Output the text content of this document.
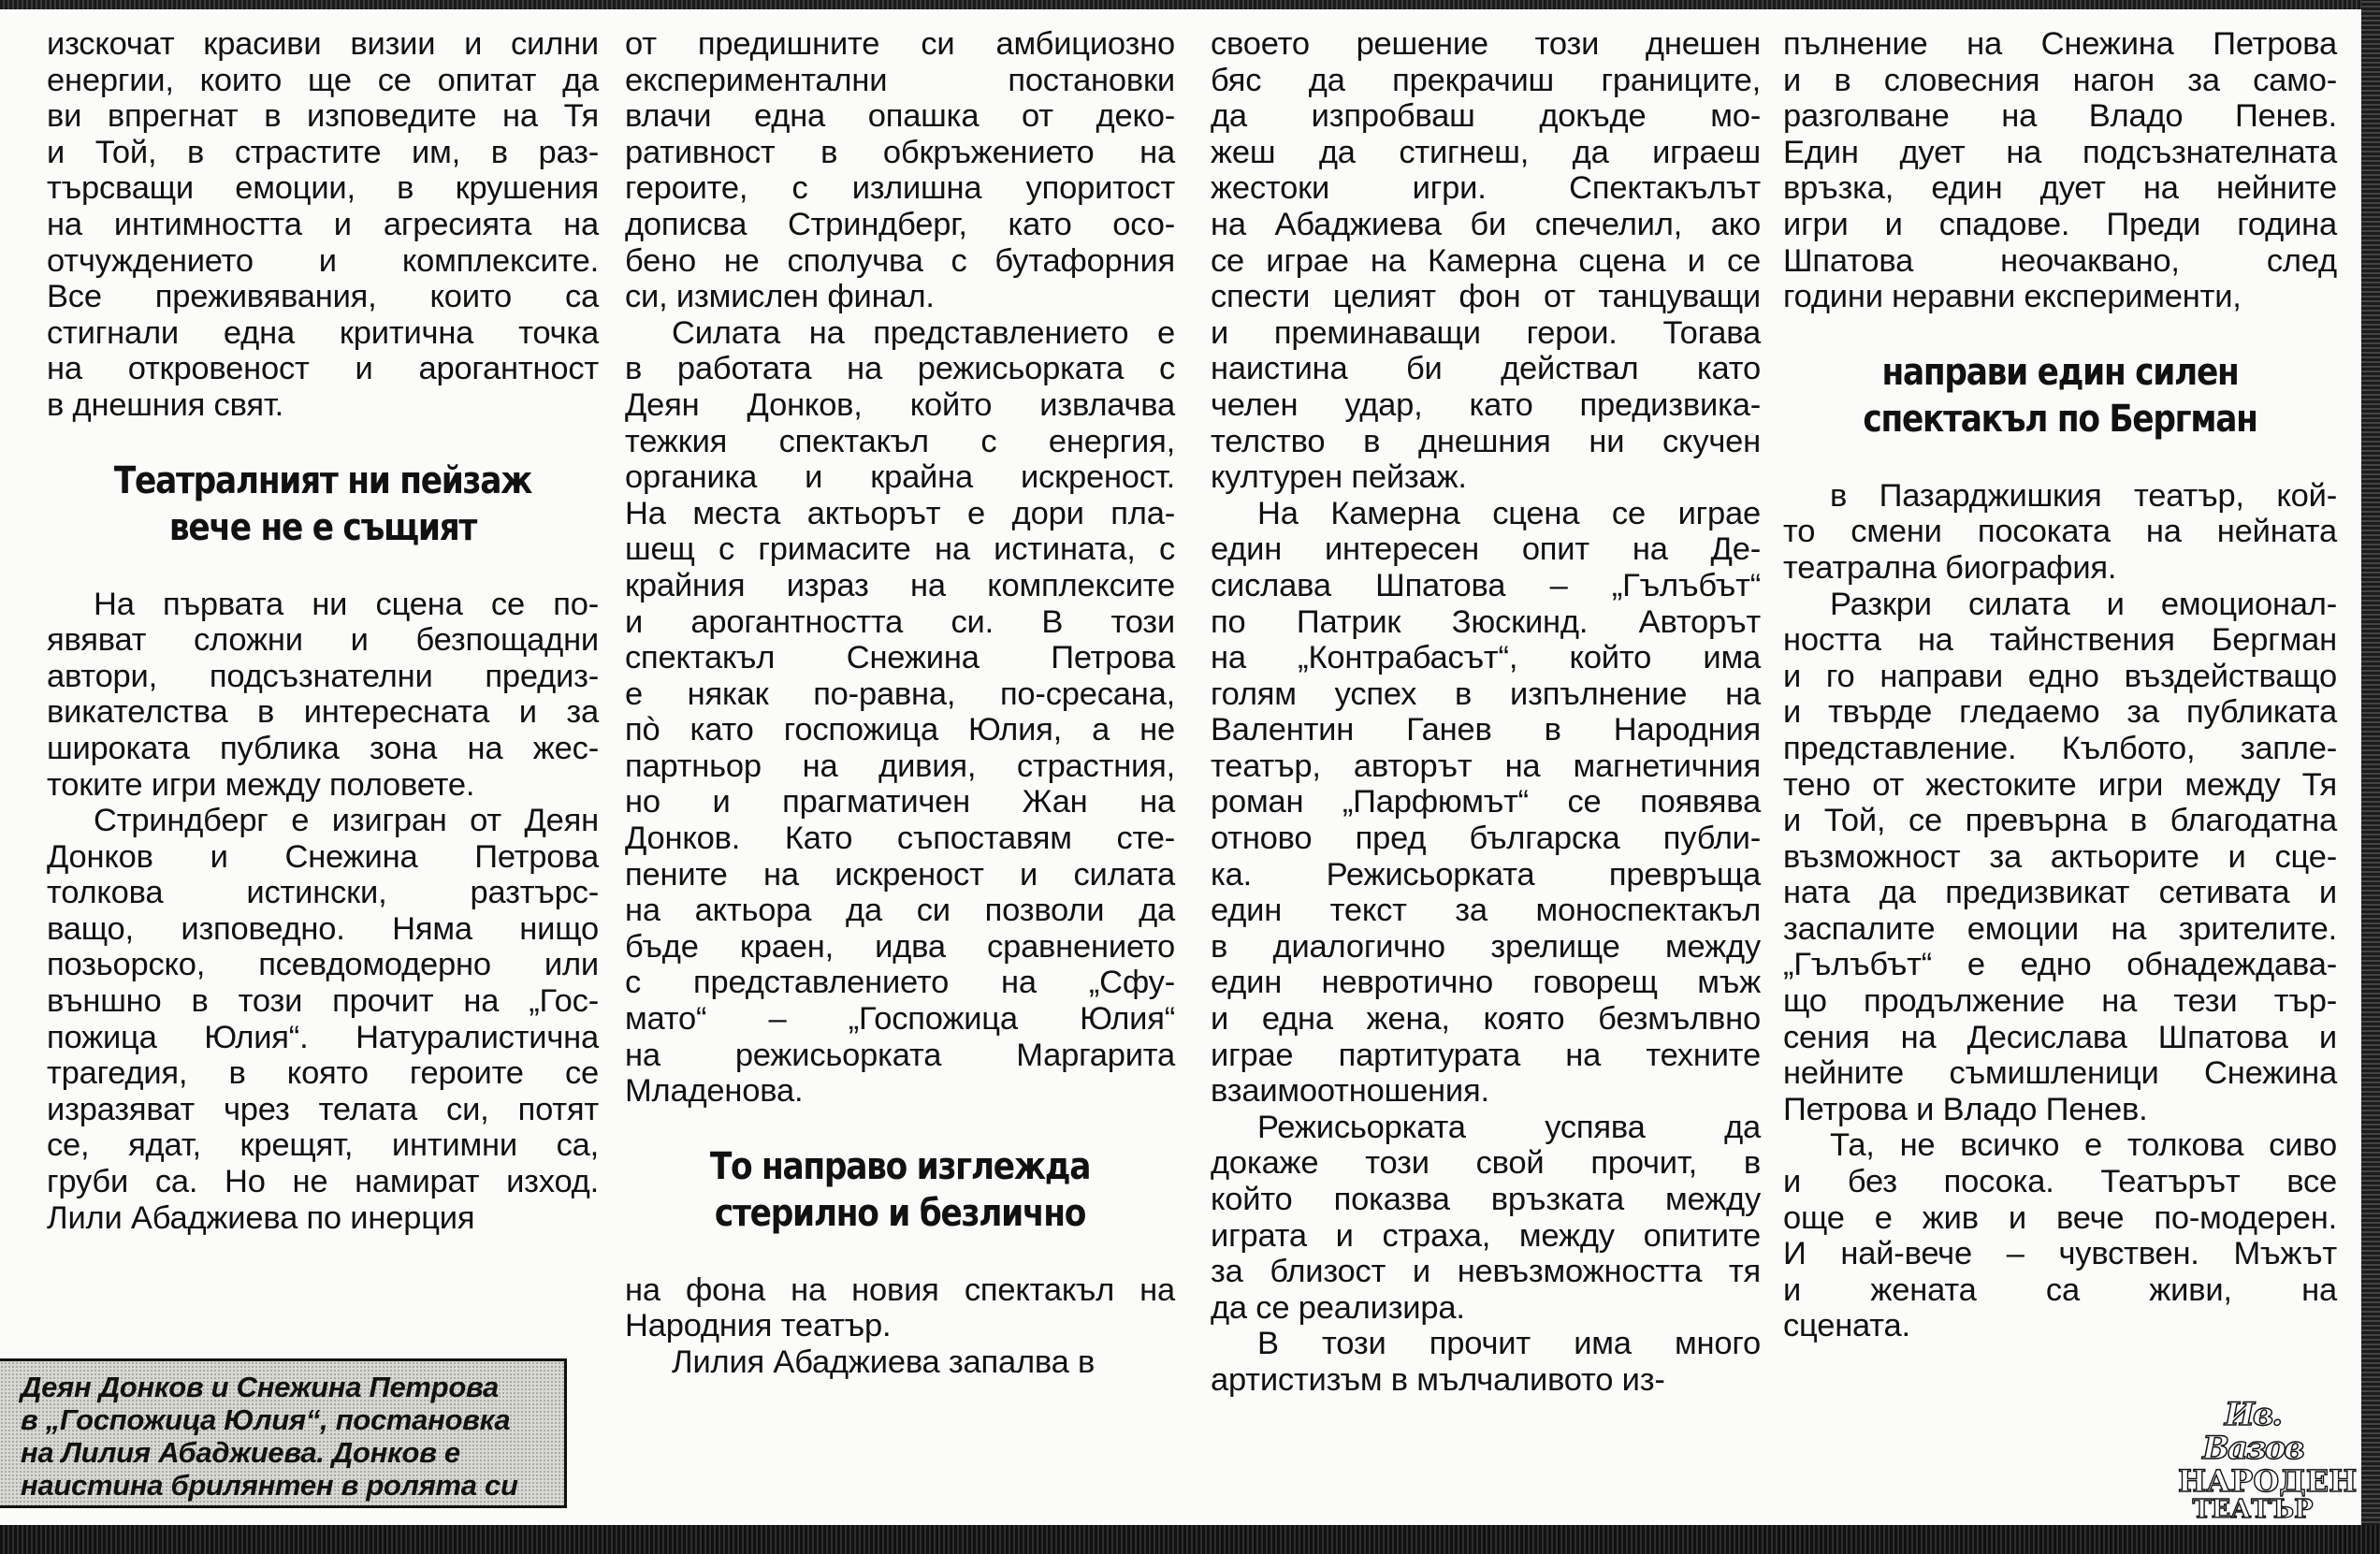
изскочат красиви визии и силни
енергии, които ще се опитат да
ви впрегнат в изповедите на Тя
и Той, в страстите им, в раз-
търсващи емоции, в крушения
на интимността и агресията на
отчуждението и комплексите.
Все преживявания, които са
стигнали една критична точка
на откровеност и арогантност
в днешния свят.
Театралният ни пейзаж
вече не е същият
На първата ни сцена се по-
явяват сложни и безпощадни
автори, подсъзнателни предиз-
викателства в интересната и за
широката публика зона на жес-
токите игри между половете.
Стриндберг е изигран от Деян
Донков и Снежина Петрова
толкова истински, разтърс-
ващо, изповедно. Няма нищо
позьорско, псевдомодерно или
външно в този прочит на „Гос-
пожица Юлия“. Натуралистична
трагедия, в която героите се
изразяват чрез телата си, потят
се, ядат, крещят, интимни са,
груби са. Но не намират изход.
Лили Абаджиева по инерция
от предишните си амбициозно
експериментални постановки
влачи една опашка от деко-
ративност в обкръжението на
героите, с излишна упоритост
дописва Стриндберг, като осо-
бено не сполучва с бутафорния
си, измислен финал.
Силата на представлението е
в работата на режисьорката с
Деян Донков, който извлачва
тежкия спектакъл с енергия,
органика и крайна искреност.
На места актьорът е дори пла-
шещ с гримасите на истината, с
крайния израз на комплексите
и арогантността си. В този
спектакъл Снежина Петрова
е някак по-равна, по-сресана,
пò като госпожица Юлия, а не
партньор на дивия, страстния,
но и прагматичен Жан на
Донков. Като съпоставям сте-
пените на искреност и силата
на актьора да си позволи да
бъде краен, идва сравнението
с представлението на „Сфу-
мато“ – „Госпожица Юлия“
на режисьорката Маргарита
Младенова.
То направо изглежда
стерилно и безлично
на фона на новия спектакъл на
Народния театър.
Лилия Абаджиева запалва в
своето решение този днешен
бяс да прекрачиш границите,
да изпробваш докъде мо-
жеш да стигнеш, да играеш
жестоки игри. Спектакълът
на Абаджиева би спечелил, ако
се играе на Камерна сцена и се
спести целият фон от танцуващи
и преминаващи герои. Тогава
наистина би действал като
челен удар, като предизвика-
телство в днешния ни скучен
културен пейзаж.
На Камерна сцена се играе
един интересен опит на Де-
сислава Шпатова – „Гълъбът“
по Патрик Зюскинд. Авторът
на „Контрабасът“, който има
голям успех в изпълнение на
Валентин Ганев в Народния
театър, авторът на магнетичния
роман „Парфюмът“ се появява
отново пред българска публи-
ка. Режисьорката превръща
един текст за моноспектакъл
в диалогично зрелище между
един невротично говорещ мъж
и една жена, която безмълвно
играе партитурата на техните
взаимоотношения.
Режисьорката успява да
докаже този свой прочит, в
който показва връзката между
играта и страха, между опитите
за близост и невъзможността тя
да се реализира.
В този прочит има много
артистизъм в мълчаливото из-
пълнение на Снежина Петрова
и в словесния нагон за само-
разголване на Владо Пенев.
Един дует на подсъзнателната
връзка, един дует на нейните
игри и спадове. Преди година
Шпатова неочаквано, след
години неравни експерименти,
направи един силен
спектакъл по Бергман
в Пазарджишкия театър, кой-
то смени посоката на нейната
театрална биография.
Разкри силата и емоционал-
ността на тайнствения Бергман
и го направи едно въздействащо
и твърде гледаемо за публиката
представление. Кълбото, запле-
тено от жестоките игри между Тя
и Той, се превърна в благодатна
възможност за актьорите и сце-
ната да предизвикат сетивата и
заспалите емоции на зрителите.
„Гълъбът“ е едно обнадеждава-
що продължение на тези тър-
сения на Десислава Шпатова и
нейните съмишленици Снежина
Петрова и Владо Пенев.
Та, не всичко е толкова сиво
и без посока. Театърът все
още е жив и вече по-модерен.
И най-вече – чувствен. Мъжът
и жената са живи, на
сцената.
Деян Донков и Снежина Петрова
в „Госпожица Юлия“, постановка
на Лилия Абаджиева. Донков е
наистина брилянтен в ролята си
Ив. Вазов
НАРОДЕН
ТЕАТЪР
